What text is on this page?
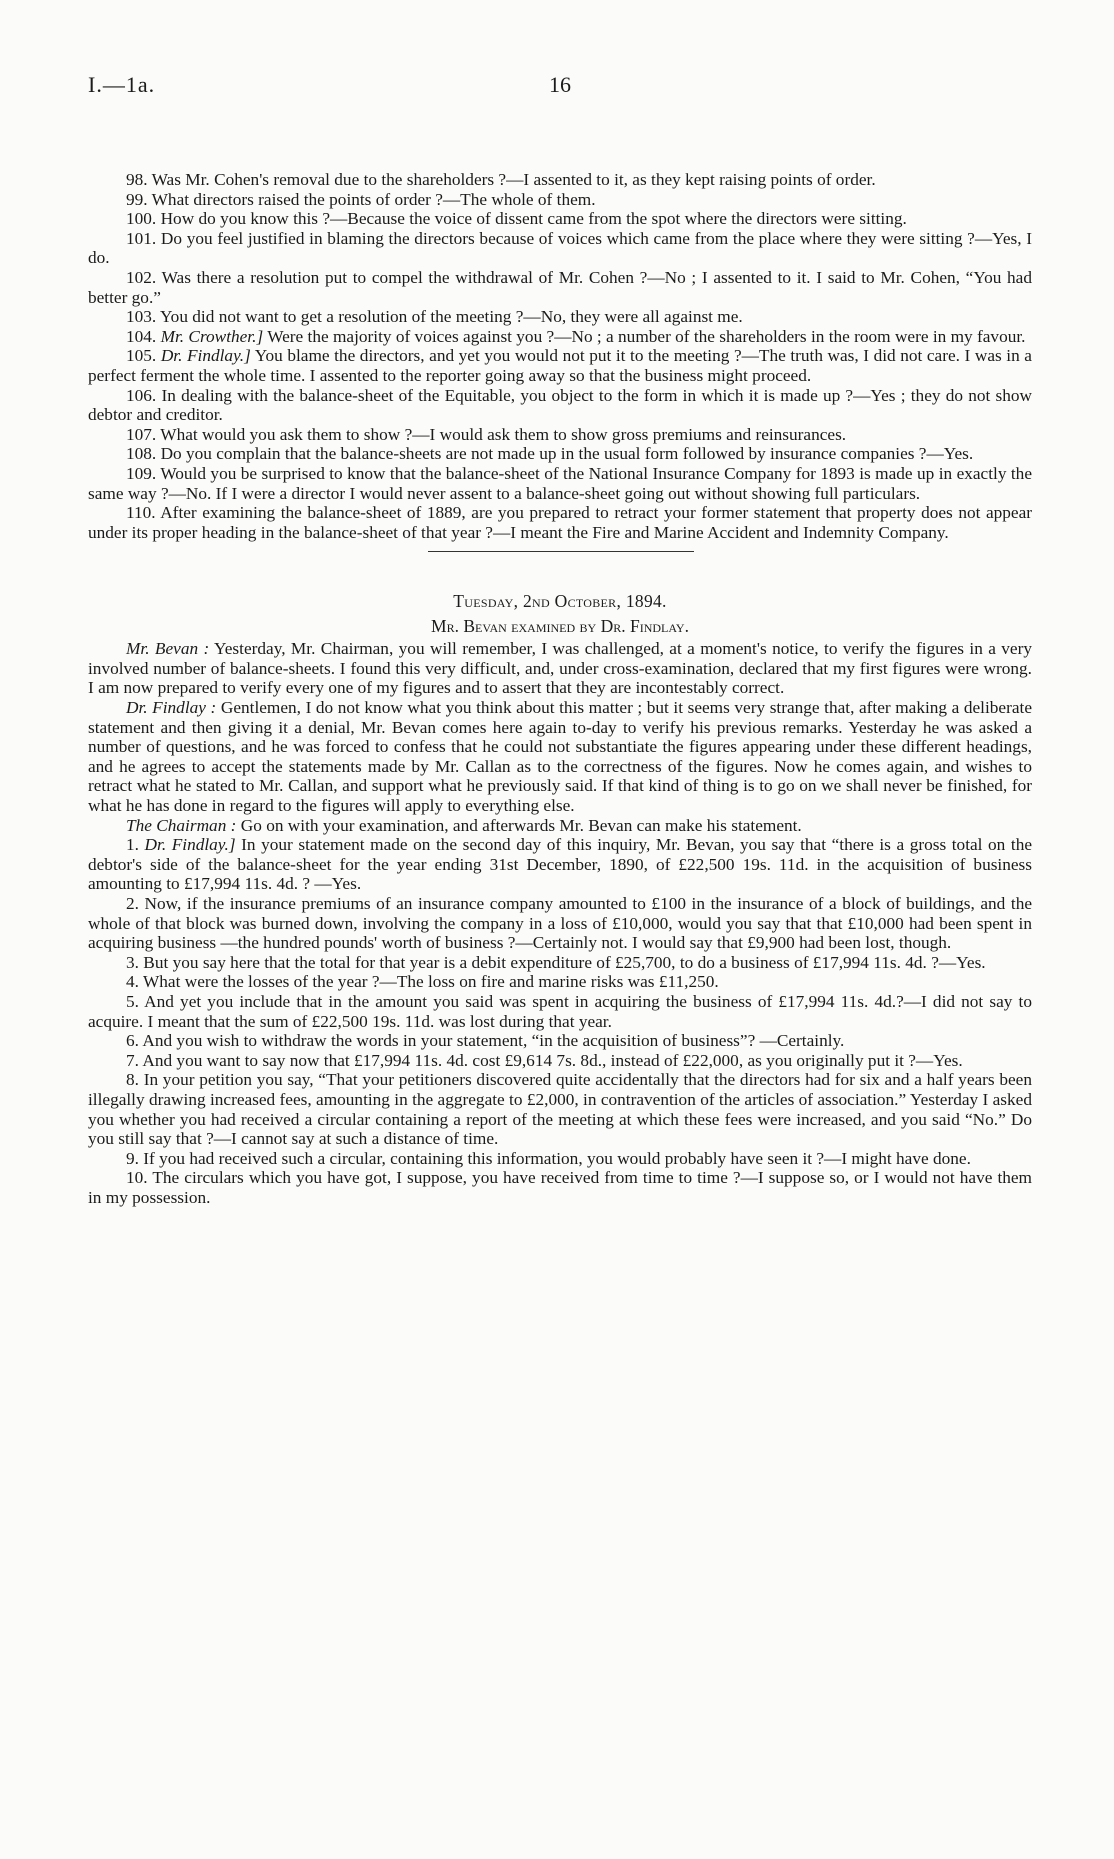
I.—1a.	16

98. Was Mr. Cohen's removal due to the shareholders ?—I assented to it, as they kept raising points of order.

99. What directors raised the points of order ?—The whole of them.

100. How do you know this ?—Because the voice of dissent came from the spot where the directors were sitting.

101. Do you feel justified in blaming the directors because of voices which came from the place where they were sitting ?—Yes, I do.

102. Was there a resolution put to compel the withdrawal of Mr. Cohen ?—No ; I assented to it. I said to Mr. Cohen, “You had better go.”

103. You did not want to get a resolution of the meeting ?—No, they were all against me.

104. Mr. Crowther.] Were the majority of voices against you ?—No ; a number of the shareholders in the room were in my favour.

105. Dr. Findlay.] You blame the directors, and yet you would not put it to the meeting ?—The truth was, I did not care. I was in a perfect ferment the whole time. I assented to the reporter going away so that the business might proceed.

106. In dealing with the balance-sheet of the Equitable, you object to the form in which it is made up ?—Yes ; they do not show debtor and creditor.

107. What would you ask them to show ?—I would ask them to show gross premiums and reinsurances.

108. Do you complain that the balance-sheets are not made up in the usual form followed by insurance companies ?—Yes.

109. Would you be surprised to know that the balance-sheet of the National Insurance Company for 1893 is made up in exactly the same way ?—No. If I were a director I would never assent to a balance-sheet going out without showing full particulars.

110. After examining the balance-sheet of 1889, are you prepared to retract your former statement that property does not appear under its proper heading in the balance-sheet of that year ?—I meant the Fire and Marine Accident and Indemnity Company.

Tuesday, 2nd October, 1894.
Mr. Bevan examined by Dr. Findlay.

Mr. Bevan : Yesterday, Mr. Chairman, you will remember, I was challenged, at a moment's notice, to verify the figures in a very involved number of balance-sheets. I found this very difficult, and, under cross-examination, declared that my first figures were wrong. I am now prepared to verify every one of my figures and to assert that they are incontestably correct.

Dr. Findlay : Gentlemen, I do not know what you think about this matter ; but it seems very strange that, after making a deliberate statement and then giving it a denial, Mr. Bevan comes here again to-day to verify his previous remarks. Yesterday he was asked a number of questions, and he was forced to confess that he could not substantiate the figures appearing under these different headings, and he agrees to accept the statements made by Mr. Callan as to the correctness of the figures. Now he comes again, and wishes to retract what he stated to Mr. Callan, and support what he previously said. If that kind of thing is to go on we shall never be finished, for what he has done in regard to the figures will apply to everything else.

The Chairman : Go on with your examination, and afterwards Mr. Bevan can make his statement.

1. Dr. Findlay.] In your statement made on the second day of this inquiry, Mr. Bevan, you say that “there is a gross total on the debtor's side of the balance-sheet for the year ending 31st December, 1890, of £22,500 19s. 11d. in the acquisition of business amounting to £17,994 11s. 4d. ? —Yes.

2. Now, if the insurance premiums of an insurance company amounted to £100 in the insurance of a block of buildings, and the whole of that block was burned down, involving the company in a loss of £10,000, would you say that that £10,000 had been spent in acquiring business —the hundred pounds' worth of business ?—Certainly not. I would say that £9,900 had been lost, though.

3. But you say here that the total for that year is a debit expenditure of £25,700, to do a business of £17,994 11s. 4d. ?—Yes.

4. What were the losses of the year ?—The loss on fire and marine risks was £11,250.

5. And yet you include that in the amount you said was spent in acquiring the business of £17,994 11s. 4d.?—I did not say to acquire. I meant that the sum of £22,500 19s. 11d. was lost during that year.

6. And you wish to withdraw the words in your statement, “in the acquisition of business”? —Certainly.

7. And you want to say now that £17,994 11s. 4d. cost £9,614 7s. 8d., instead of £22,000, as you originally put it ?—Yes.

8. In your petition you say, “That your petitioners discovered quite accidentally that the directors had for six and a half years been illegally drawing increased fees, amounting in the aggregate to £2,000, in contravention of the articles of association.” Yesterday I asked you whether you had received a circular containing a report of the meeting at which these fees were increased, and you said “No.” Do you still say that ?—I cannot say at such a distance of time.

9. If you had received such a circular, containing this information, you would probably have seen it ?—I might have done.

10. The circulars which you have got, I suppose, you have received from time to time ?—I suppose so, or I would not have them in my possession.
